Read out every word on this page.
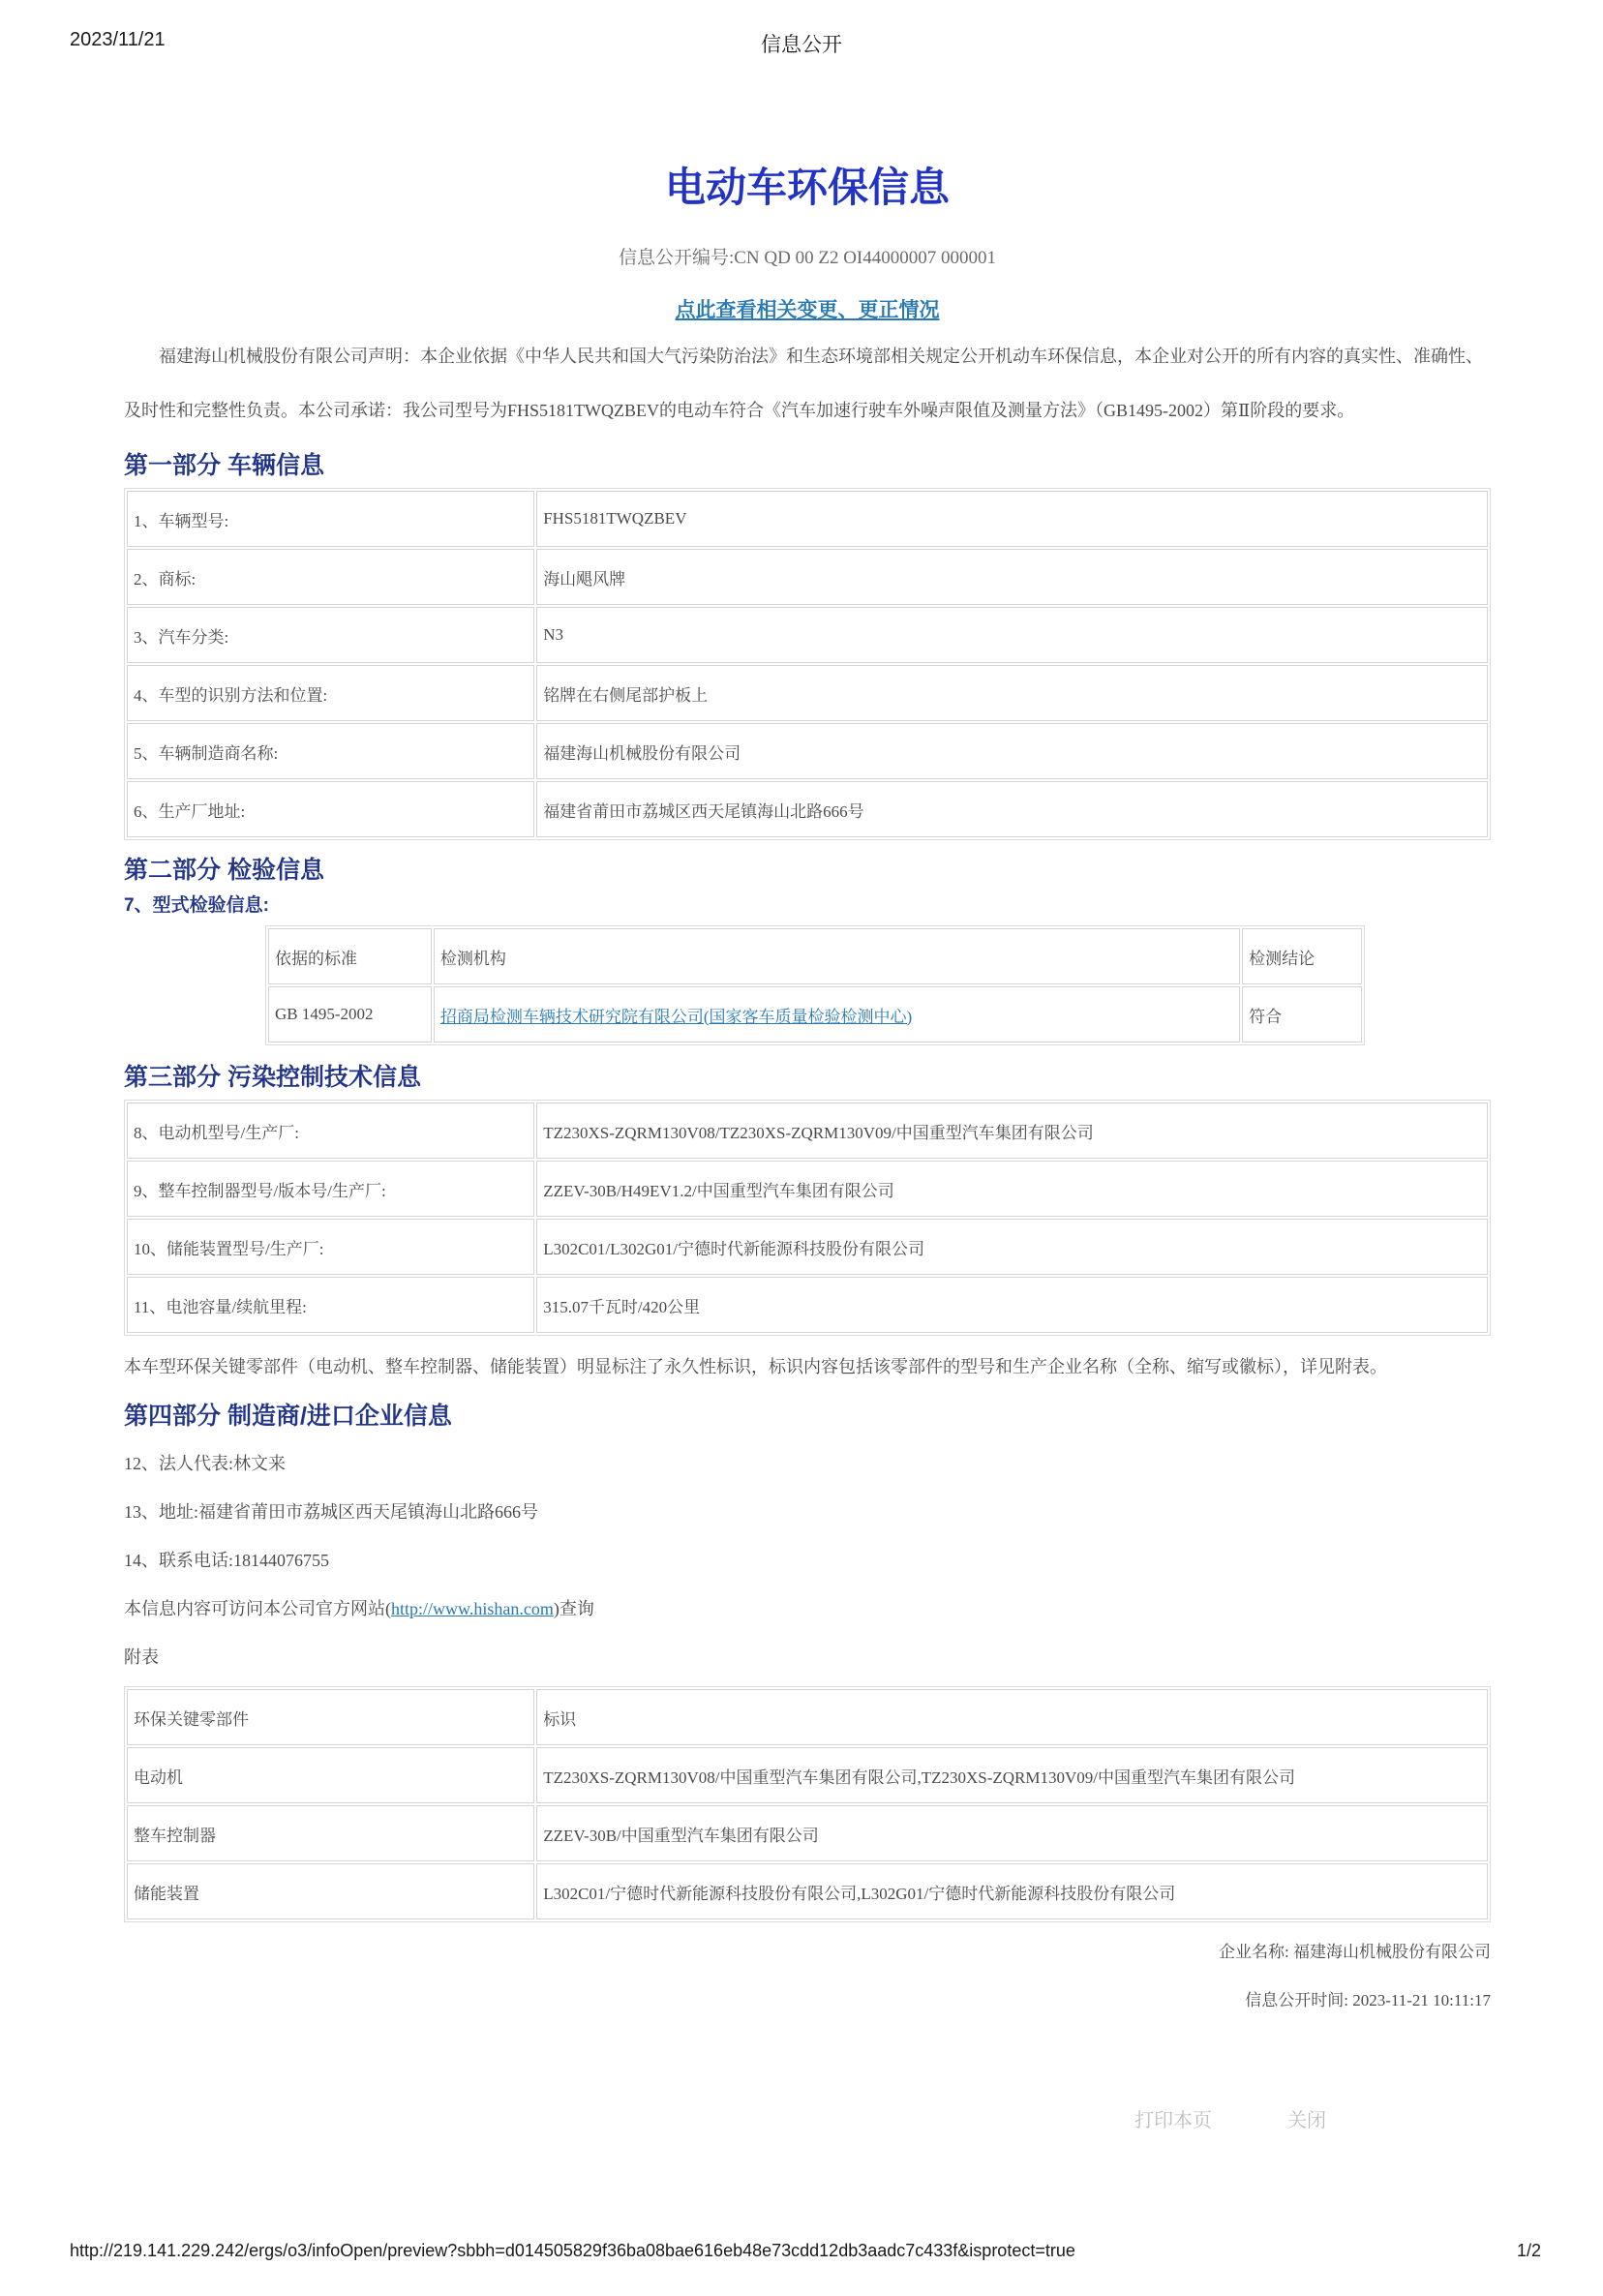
2023/11/21	信息公开
电动车环保信息
信息公开编号:CN QD 00 Z2 OI44000007 000001
点此查看相关变更、更正情况

福建海山机械股份有限公司声明：本企业依据《中华人民共和国大气污染防治法》和生态环境部相关规定公开机动车环保信息，本企业对公开的所有内容的真实性、准确性、及时性和完整性负责。本公司承诺：我公司型号为FHS5181TWQZBEV的电动车符合《汽车加速行驶车外噪声限值及测量方法》（GB1495-2002）第Ⅱ阶段的要求。

第一部分 车辆信息
1、车辆型号:	FHS5181TWQZBEV
2、商标:	海山飓风牌
3、汽车分类:	N3
4、车型的识别方法和位置:	铭牌在右侧尾部护板上
5、车辆制造商名称:	福建海山机械股份有限公司
6、生产厂地址:	福建省莆田市荔城区西天尾镇海山北路666号
第二部分 检验信息
7、型式检验信息:
依据的标准	检测机构	检测结论
GB 1495-2002	招商局检测车辆技术研究院有限公司(国家客车质量检验检测中心)	符合
第三部分 污染控制技术信息
8、电动机型号/生产厂:	TZ230XS-ZQRM130V08/TZ230XS-ZQRM130V09/中国重型汽车集团有限公司
9、整车控制器型号/版本号/生产厂:	ZZEV-30B/H49EV1.2/中国重型汽车集团有限公司
10、储能装置型号/生产厂:	L302C01/L302G01/宁德时代新能源科技股份有限公司
11、电池容量/续航里程:	315.07千瓦时/420公里

本车型环保关键零部件（电动机、整车控制器、储能装置）明显标注了永久性标识，标识内容包括该零部件的型号和生产企业名称（全称、缩写或徽标），详见附表。

第四部分 制造商/进口企业信息

12、法人代表:林文来

13、地址:福建省莆田市荔城区西天尾镇海山北路666号

14、联系电话:18144076755

本信息内容可访问本公司官方网站(http://www.hishan.com)查询

附表

环保关键零部件	标识
电动机	TZ230XS-ZQRM130V08/中国重型汽车集团有限公司,TZ230XS-ZQRM130V09/中国重型汽车集团有限公司
整车控制器	ZZEV-30B/中国重型汽车集团有限公司
储能装置	L302C01/宁德时代新能源科技股份有限公司,L302G01/宁德时代新能源科技股份有限公司
企业名称: 福建海山机械股份有限公司
信息公开时间: 2023-11-21 10:11:17
打印本页	关闭
http://219.141.229.242/ergs/o3/infoOpen/preview?sbbh=d014505829f36ba08bae616eb48e73cdd12db3aadc7c433f&isprotect=true	1/2
